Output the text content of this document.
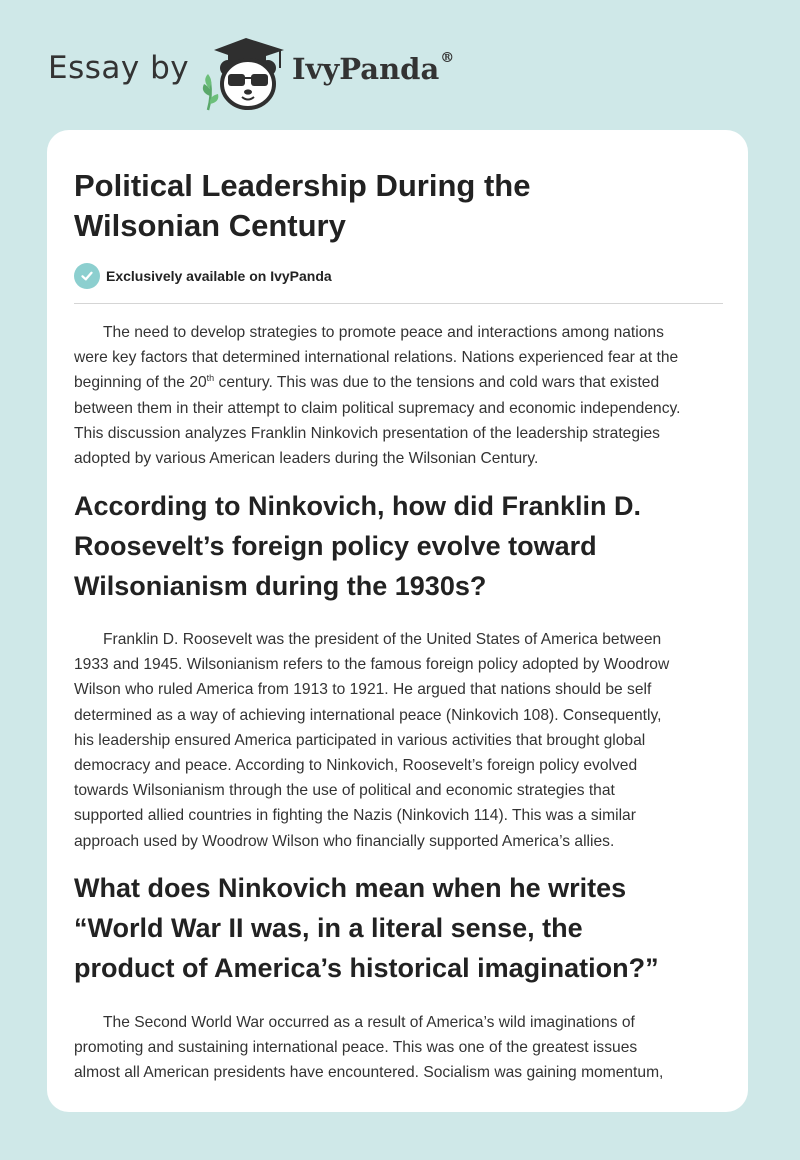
Essay by	IvyPanda®
Political Leadership During the
Wilsonian Century
Exclusively available on IvyPanda

The need to develop strategies to promote peace and interactions among nations
were key factors that determined international relations. Nations experienced fear at the
beginning of the 20th century. This was due to the tensions and cold wars that existed
between them in their attempt to claim political supremacy and economic independency.
This discussion analyzes Franklin Ninkovich presentation of the leadership strategies
adopted by various American leaders during the Wilsonian Century.

According to Ninkovich, how did Franklin D.
Roosevelt’s foreign policy evolve toward
Wilsonianism during the 1930s?

Franklin D. Roosevelt was the president of the United States of America between
1933 and 1945. Wilsonianism refers to the famous foreign policy adopted by Woodrow
Wilson who ruled America from 1913 to 1921. He argued that nations should be self
determined as a way of achieving international peace (Ninkovich 108). Consequently,
his leadership ensured America participated in various activities that brought global
democracy and peace. According to Ninkovich, Roosevelt’s foreign policy evolved
towards Wilsonianism through the use of political and economic strategies that
supported allied countries in fighting the Nazis (Ninkovich 114). This was a similar
approach used by Woodrow Wilson who financially supported America’s allies.

What does Ninkovich mean when he writes
“World War II was, in a literal sense, the
product of America’s historical imagination?”

The Second World War occurred as a result of America’s wild imaginations of
promoting and sustaining international peace. This was one of the greatest issues
almost all American presidents have encountered. Socialism was gaining momentum,
